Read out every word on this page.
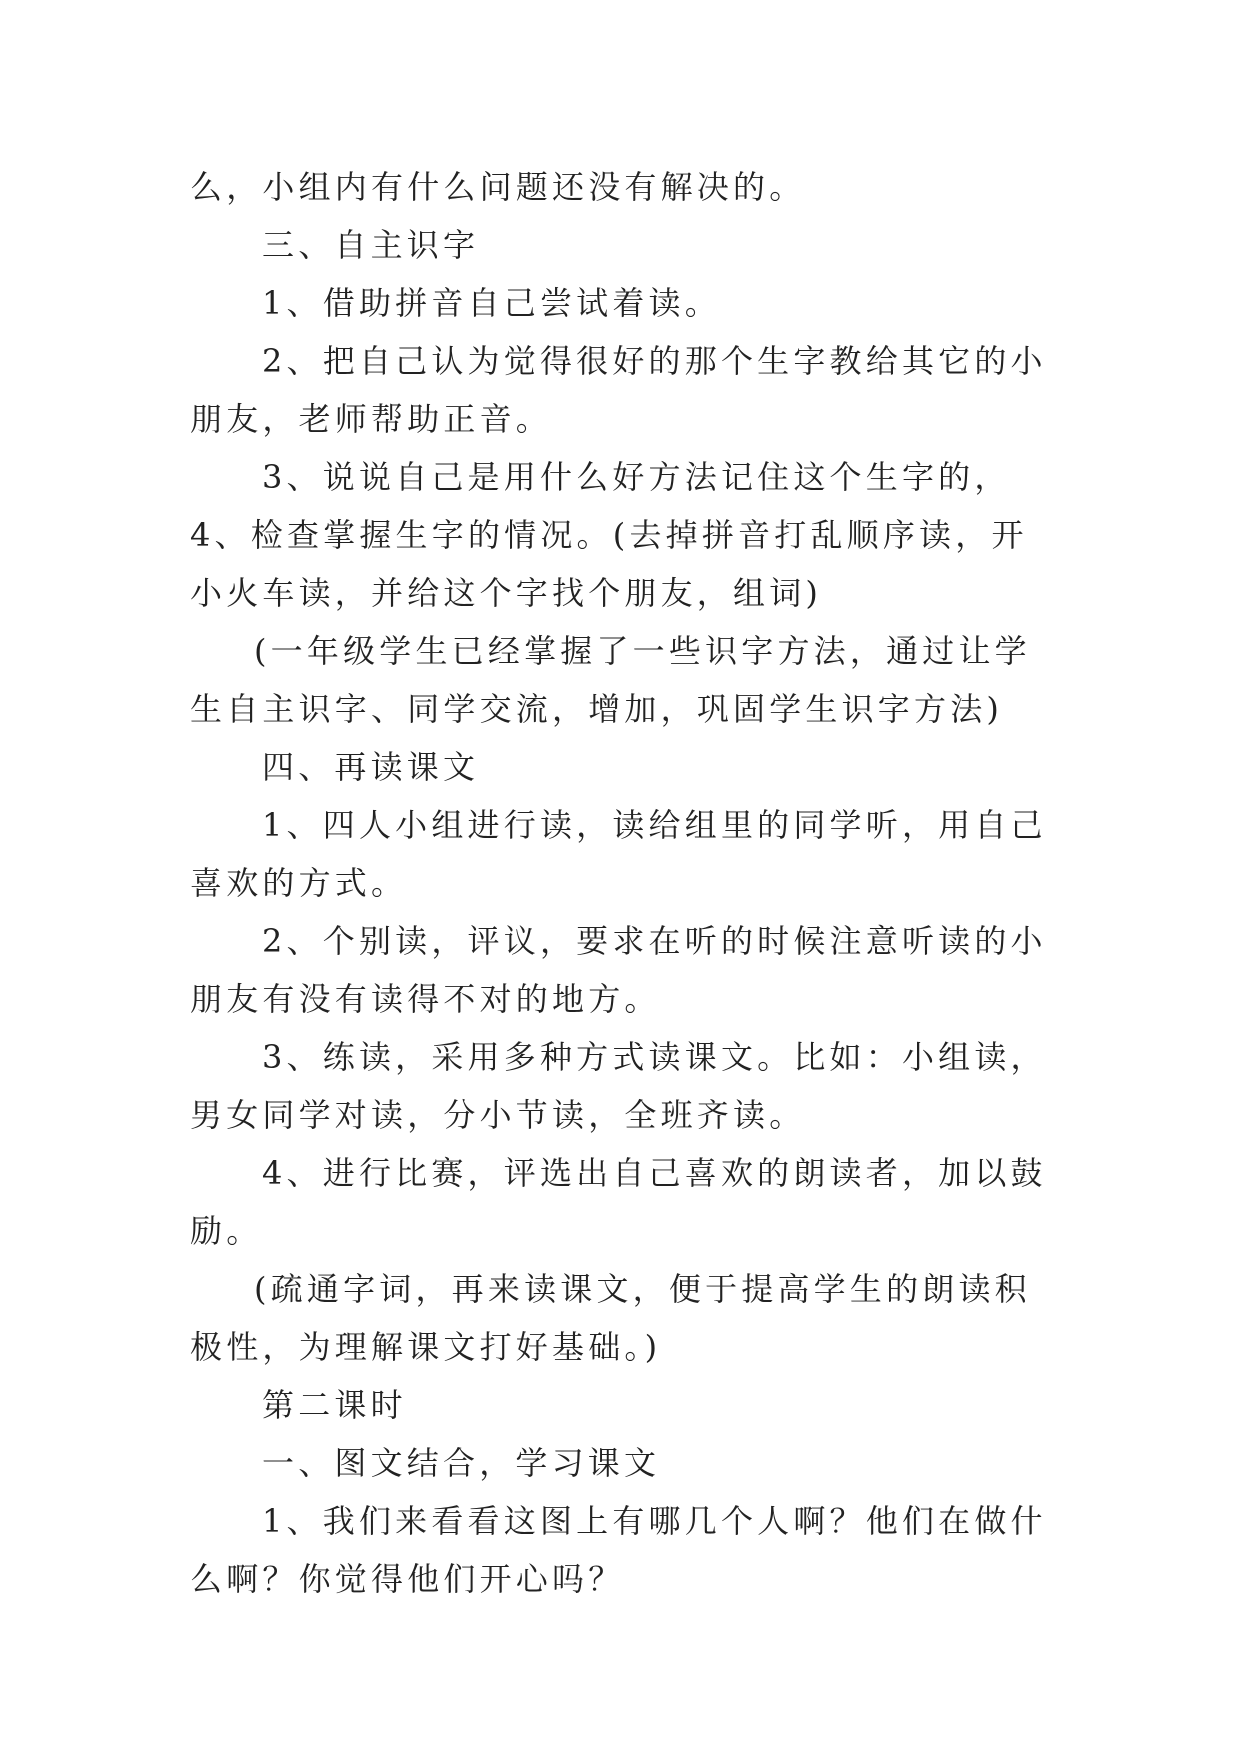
么，小组内有什么问题还没有解决的。

三、自主识字

1、借助拼音自己尝试着读。

2、把自己认为觉得很好的那个生字教给其它的小朋友，老师帮助正音。

3、说说自己是用什么好方法记住这个生字的，4、检查掌握生字的情况。(去掉拼音打乱顺序读，开小火车读，并给这个字找个朋友，组词)

(一年级学生已经掌握了一些识字方法，通过让学生自主识字、同学交流，增加，巩固学生识字方法)

四、再读课文

1、四人小组进行读，读给组里的同学听，用自己喜欢的方式。

2、个别读，评议，要求在听的时候注意听读的小朋友有没有读得不对的地方。

3、练读，采用多种方式读课文。比如：小组读，男女同学对读，分小节读，全班齐读。

4、进行比赛，评选出自己喜欢的朗读者，加以鼓励。

(疏通字词，再来读课文，便于提高学生的朗读积极性，为理解课文打好基础。)

第二课时

一、图文结合，学习课文

1、我们来看看这图上有哪几个人啊？他们在做什么啊？你觉得他们开心吗？
